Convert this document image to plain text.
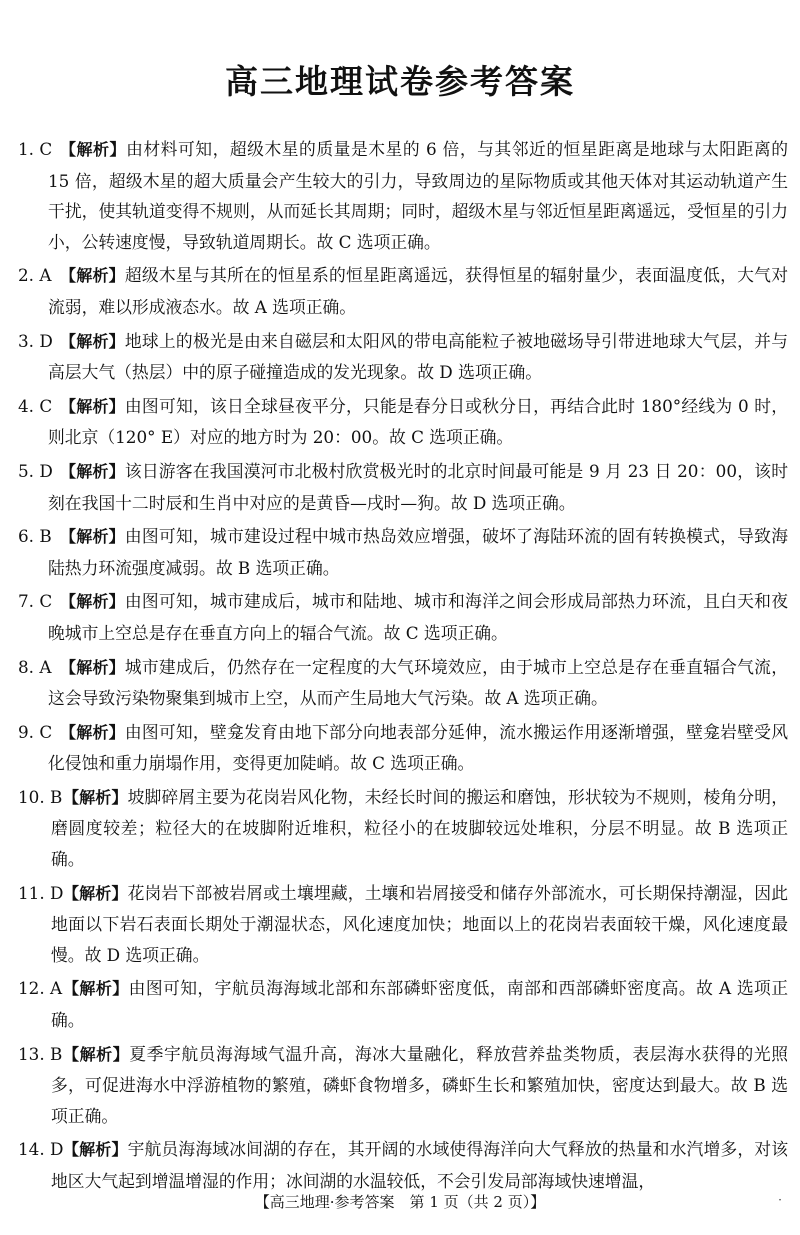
高三地理试卷参考答案
1. C 【解析】由材料可知，超级木星的质量是木星的 6 倍，与其邻近的恒星距离是地球与太阳距离的 15 倍，超级木星的超大质量会产生较大的引力，导致周边的星际物质或其他天体对其运动轨道产生干扰，使其轨道变得不规则，从而延长其周期；同时，超级木星与邻近恒星距离遥远，受恒星的引力小，公转速度慢，导致轨道周期长。故 C 选项正确。
2. A 【解析】超级木星与其所在的恒星系的恒星距离遥远，获得恒星的辐射量少，表面温度低，大气对流弱，难以形成液态水。故 A 选项正确。
3. D 【解析】地球上的极光是由来自磁层和太阳风的带电高能粒子被地磁场导引带进地球大气层，并与高层大气（热层）中的原子碰撞造成的发光现象。故 D 选项正确。
4. C 【解析】由图可知，该日全球昼夜平分，只能是春分日或秋分日，再结合此时 180°经线为 0 时，则北京（120° E）对应的地方时为 20：00。故 C 选项正确。
5. D 【解析】该日游客在我国漠河市北极村欣赏极光时的北京时间最可能是 9 月 23 日 20：00，该时刻在我国十二时辰和生肖中对应的是黄昏—戌时—狗。故 D 选项正确。
6. B 【解析】由图可知，城市建设过程中城市热岛效应增强，破坏了海陆环流的固有转换模式，导致海陆热力环流强度减弱。故 B 选项正确。
7. C 【解析】由图可知，城市建成后，城市和陆地、城市和海洋之间会形成局部热力环流，且白天和夜晚城市上空总是存在垂直方向上的辐合气流。故 C 选项正确。
8. A 【解析】城市建成后，仍然存在一定程度的大气环境效应，由于城市上空总是存在垂直辐合气流，这会导致污染物聚集到城市上空，从而产生局地大气污染。故 A 选项正确。
9. C 【解析】由图可知，壁龛发育由地下部分向地表部分延伸，流水搬运作用逐渐增强，壁龛岩壁受风化侵蚀和重力崩塌作用，变得更加陡峭。故 C 选项正确。
10. B 【解析】坡脚碎屑主要为花岗岩风化物，未经长时间的搬运和磨蚀，形状较为不规则，棱角分明，磨圆度较差；粒径大的在坡脚附近堆积，粒径小的在坡脚较远处堆积，分层不明显。故 B 选项正确。
11. D 【解析】花岗岩下部被岩屑或土壤埋藏，土壤和岩屑接受和储存外部流水，可长期保持潮湿，因此地面以下岩石表面长期处于潮湿状态，风化速度加快；地面以上的花岗岩表面较干燥，风化速度最慢。故 D 选项正确。
12. A 【解析】由图可知，宇航员海海域北部和东部磷虾密度低，南部和西部磷虾密度高。故 A 选项正确。
13. B 【解析】夏季宇航员海海域气温升高，海冰大量融化，释放营养盐类物质，表层海水获得的光照多，可促进海水中浮游植物的繁殖，磷虾食物增多，磷虾生长和繁殖加快，密度达到最大。故 B 选项正确。
14. D 【解析】宇航员海海域冰间湖的存在，其开阔的水域使得海洋向大气释放的热量和水汽增多，对该地区大气起到增温增湿的作用；冰间湖的水温较低，不会引发局部海域快速增温，
【高三地理·参考答案　第 1 页（共 2 页）】	·
